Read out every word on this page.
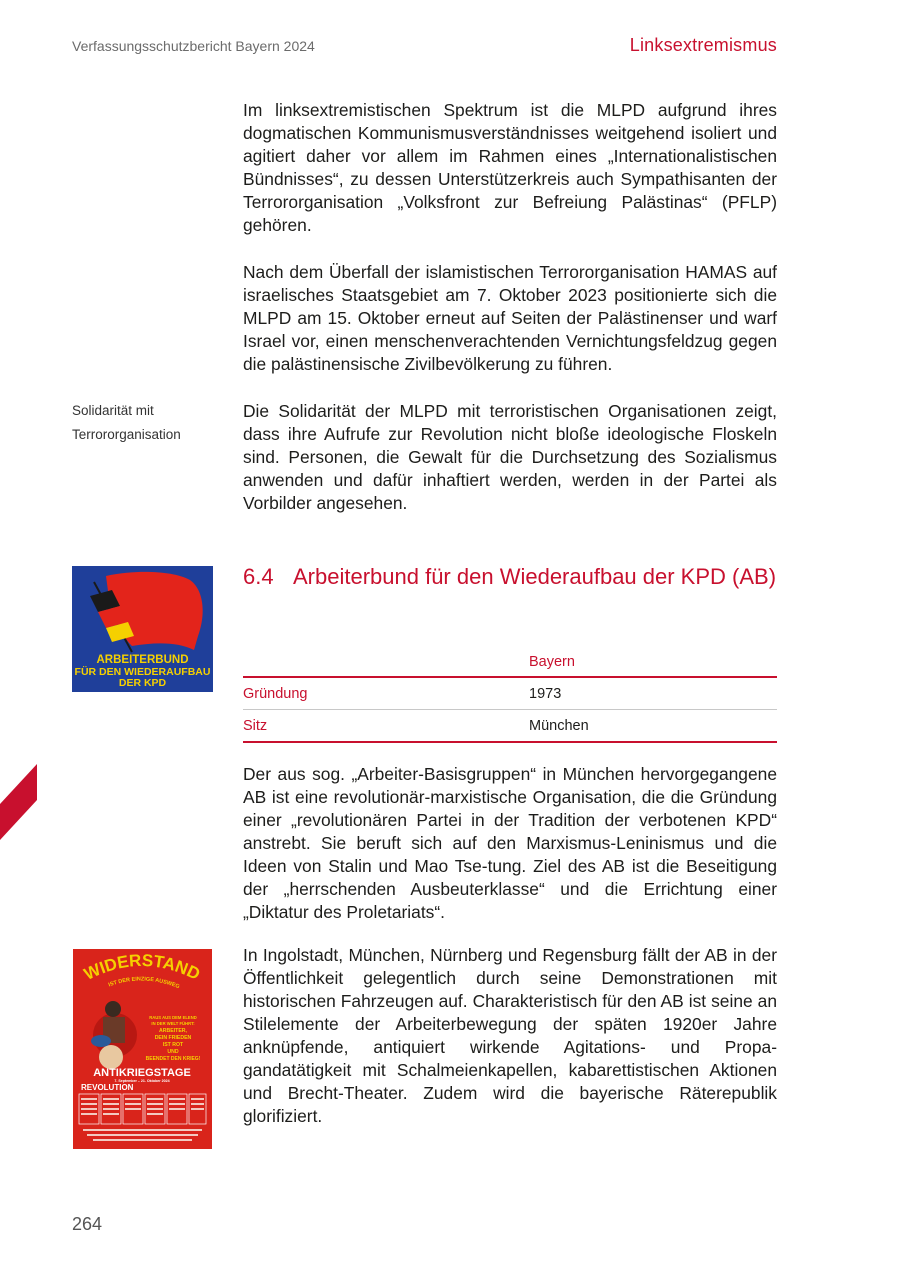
Verfassungsschutzbericht Bayern 2024	Linksextremismus

Im linksextremistischen Spektrum ist die MLPD aufgrund ihres dogmatischen Kommunismusverständnisses weitgehend isoliert und agitiert daher vor allem im Rahmen eines „Internationalistischen Bündnisses“, zu dessen Unterstützerkreis auch Sympathisanten der Terrororganisation „Volksfront zur Befreiung Palästinas“ (PFLP) gehören.

Nach dem Überfall der islamistischen Terrororganisation HAMAS auf israelisches Staatsgebiet am 7. Oktober 2023 positionierte sich die MLPD am 15. Oktober erneut auf Seiten der Palästinenser und warf Israel vor, einen menschenverachtenden Vernichtungsfeldzug gegen die palästinensische Zivilbevölkerung zu führen.

Solidarität mit
Terrororganisation

Die Solidarität der MLPD mit terroristischen Organisationen zeigt, dass ihre Aufrufe zur Revolution nicht bloße ideologische Floskeln sind. Personen, die Gewalt für die Durchsetzung des Sozialismus anwenden und dafür inhaftiert werden, werden in der Partei als Vorbilder angesehen.

ARBEITERBUND
FÜR DEN WIEDERAUFBAU
DER KPD
6.4 Arbeiterbund für den Wiederaufbau der KPD (AB)
Bayern
Gründung	1973
Sitz	München

Der aus sog. „Arbeiter-Basisgruppen“ in München hervorgegangene AB ist eine revolutionär-marxistische Organisation, die die Gründung einer „revolutionären Partei in der Tradition der verbotenen KPD“ anstrebt. Sie beruft sich auf den Marxismus-Leninismus und die Ideen von Stalin und Mao Tse-tung. Ziel des AB ist die Beseitigung der „herrschenden Ausbeuterklasse“ und die Errichtung einer „Diktatur des Proletariats“.

WIDERSTAND
IST DER EINZIGE AUSWEG
RAUS AUS DEM ELEND
IN DER WELT FÜHRT:
ARBEITER,
DEIN FRIEDEN
IST ROT
UND
BEENDET DEN KRIEG!
ANTIKRIEGSTAGE
7. September – 21. Oktober 2024
REVOLUTION

In Ingolstadt, München, Nürnberg und Regensburg fällt der AB in der Öffentlichkeit gelegentlich durch seine Demonstrationen mit historischen Fahrzeugen auf. Charakteristisch für den AB ist seine an Stilelemente der Arbeiterbewegung der späten 1920er Jahre anknüpfende, antiquiert wirkende Agitations- und Propagandatätigkeit mit Schalmeienkapellen, kabarettistischen Aktionen und Brecht-Theater. Zudem wird die bayerische Räterepublik glorifiziert.

264
